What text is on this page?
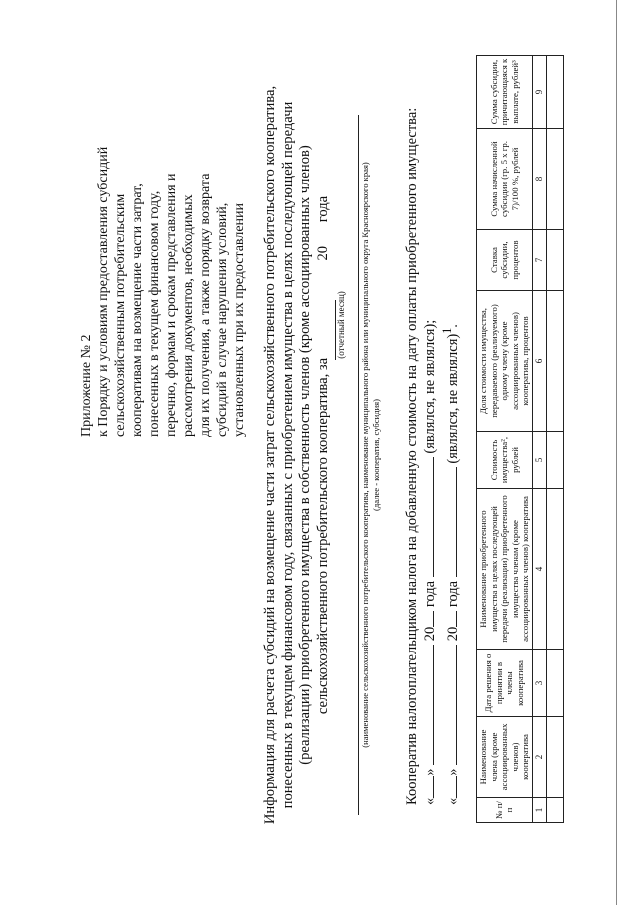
Приложение № 2 к Порядку и условиям предоставления субсидий сельскохозяйственным потребительским кооперативам на возмещение части затрат, понесенных в текущем финансовом году, перечню, формам и срокам представления и рассмотрения документов, необходимых для их получения, а также порядку возврата субсидий в случае нарушения условий, установленных при их предоставлении Информация для расчета субсидий на возмещение части затрат сельскохозяйственного потребительского кооператива, понесенных в текущем финансовом году, связанных с приобретением имущества в целях последующей передачи (реализации) приобретенного имущества в собственность членов (кроме ассоциированных членов) сельскохозяйственного потребительского кооператива, за  20 года
(отчетный месяц) (наименование сельскохозяйственного потребительского кооператива, наименование муниципального района или муниципального округа Красноярского края) (далее - кооператив, субсидия) Кооператив налогоплательщиком налога на добавленную стоимость на дату оплаты приобретенного имущества: «»  20 года  (являлся, не являлся);
«»  20 года  (являлся, не являлся)$^1$.
№ п/п	Наименование члена (кроме ассоциированных членов) кооператива	Дата решения о принятии в члены кооператива	Наименование приобретенного имущества в целях последующей передачи (реализации) приобретенного имущества членам (кроме ассоциированных членов) кооператива	Стоимость имущества², рублей	Доля стоимости имущества, передаваемого (реализуемого) одному члену (кроме ассоциированных членов) кооператива, процентов	Ставка субсидии, процентов	Сумма начисленной субсидии (гр. 5 x гр. 7)/100 %, рублей	Сумма субсидии, причитающаяся к выплате, рублей³
1	2	3	4	5	6	7	8	9
